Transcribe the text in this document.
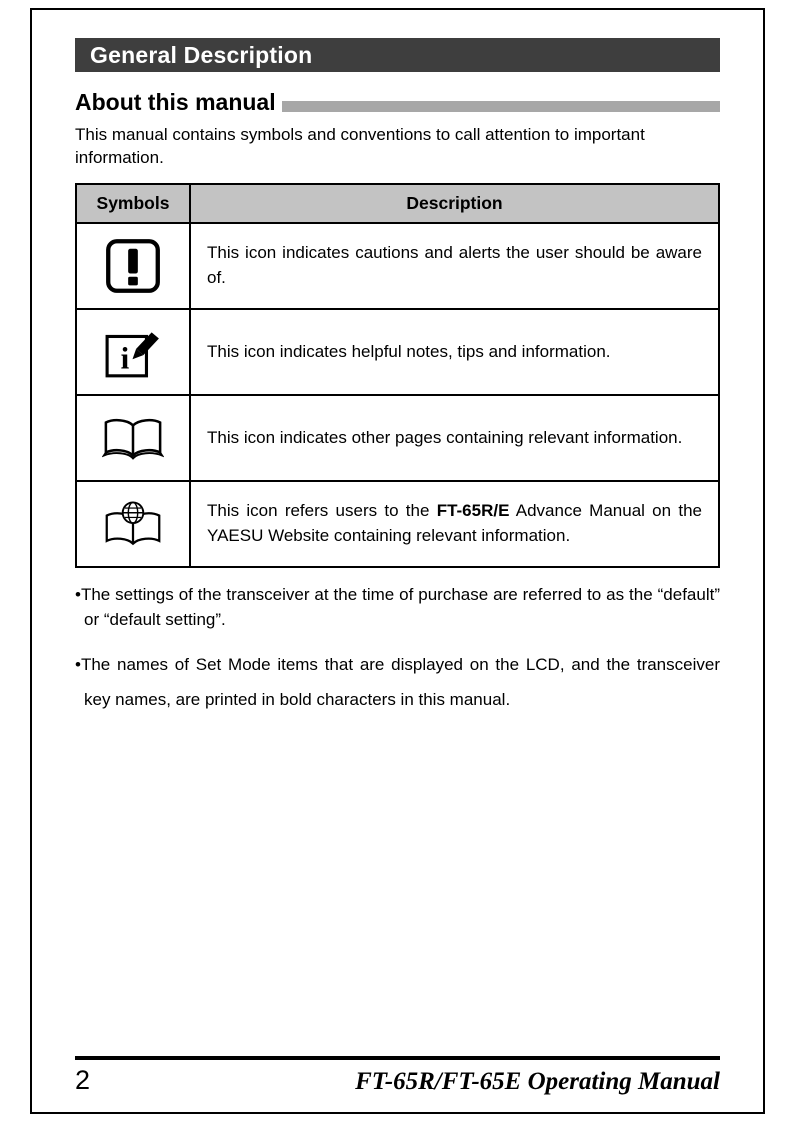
General Description
About this manual

This manual contains symbols and conventions to call attention to important information.

Symbols	Description
	This icon indicates cautions and alerts the user should be aware of.

i	This icon indicates helpful notes, tips and information.
	This icon indicates other pages containing relevant information.
	This icon refers users to the FT-65R/E Advance Manual on the YAESU Website containing relevant information.

•The settings of the transceiver at the time of purchase are referred to as the “default” or “default setting”.

•The names of Set Mode items that are displayed on the LCD, and the transceiver key names, are printed in bold characters in this manual.

2	FT-65R/FT-65E Operating Manual
